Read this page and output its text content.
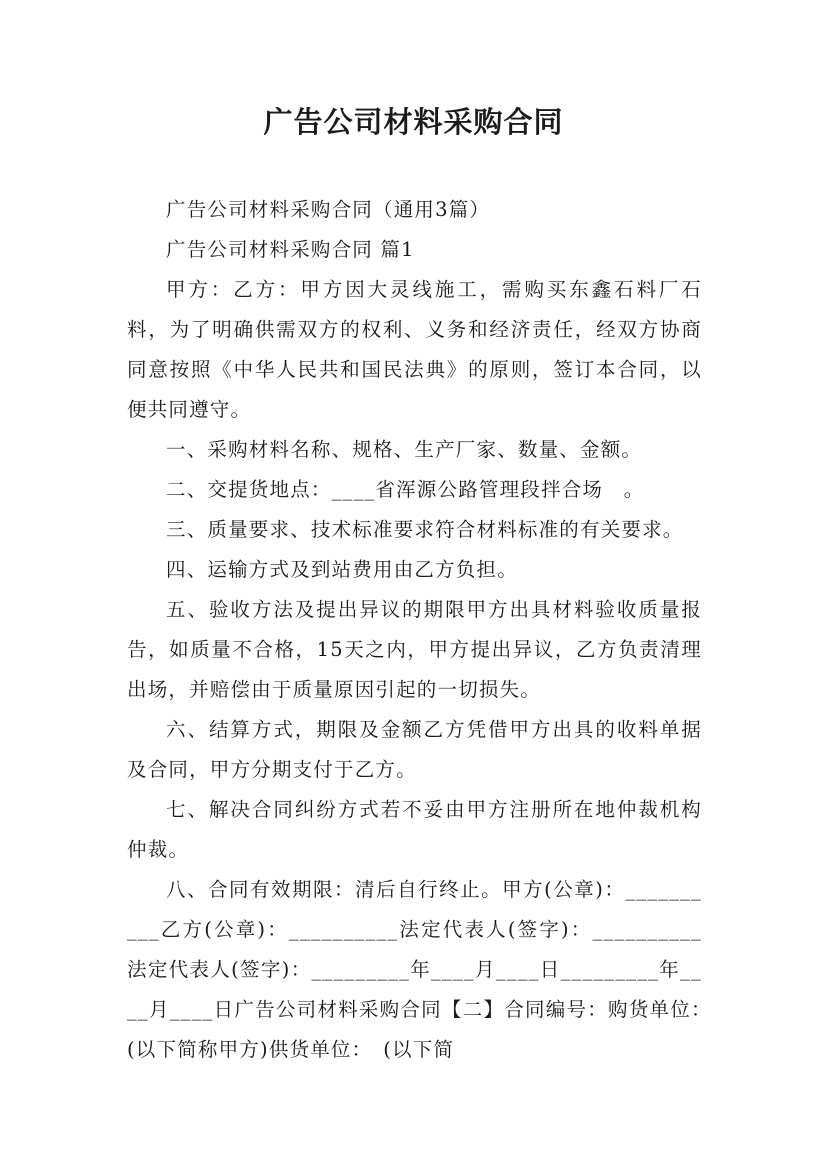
广告公司材料采购合同

广告公司材料采购合同（通用3篇）

广告公司材料采购合同 篇1

甲方：乙方：甲方因大灵线施工，需购买东鑫石料厂石料，为了明确供需双方的权利、义务和经济责任，经双方协商同意按照《中华人民共和国民法典》的原则，签订本合同，以便共同遵守。

一、采购材料名称、规格、生产厂家、数量、金额。

二、交提货地点：____省浑源公路管理段拌合场　。

三、质量要求、技术标准要求符合材料标准的有关要求。

四、运输方式及到站费用由乙方负担。

五、验收方法及提出异议的期限甲方出具材料验收质量报告，如质量不合格，15天之内，甲方提出异议，乙方负责清理出场，并赔偿由于质量原因引起的一切损失。

六、结算方式，期限及金额乙方凭借甲方出具的收料单据及合同，甲方分期支付于乙方。

七、解决合同纠纷方式若不妥由甲方注册所在地仲裁机构仲裁。

八、合同有效期限：清后自行终止。甲方(公章)：__________乙方(公章)：__________法定代表人(签字)：__________法定代表人(签字)：_________年____月____日_________年____月____日广告公司材料采购合同【二】合同编号：购货单位：　(以下简称甲方)供货单位：　(以下简
